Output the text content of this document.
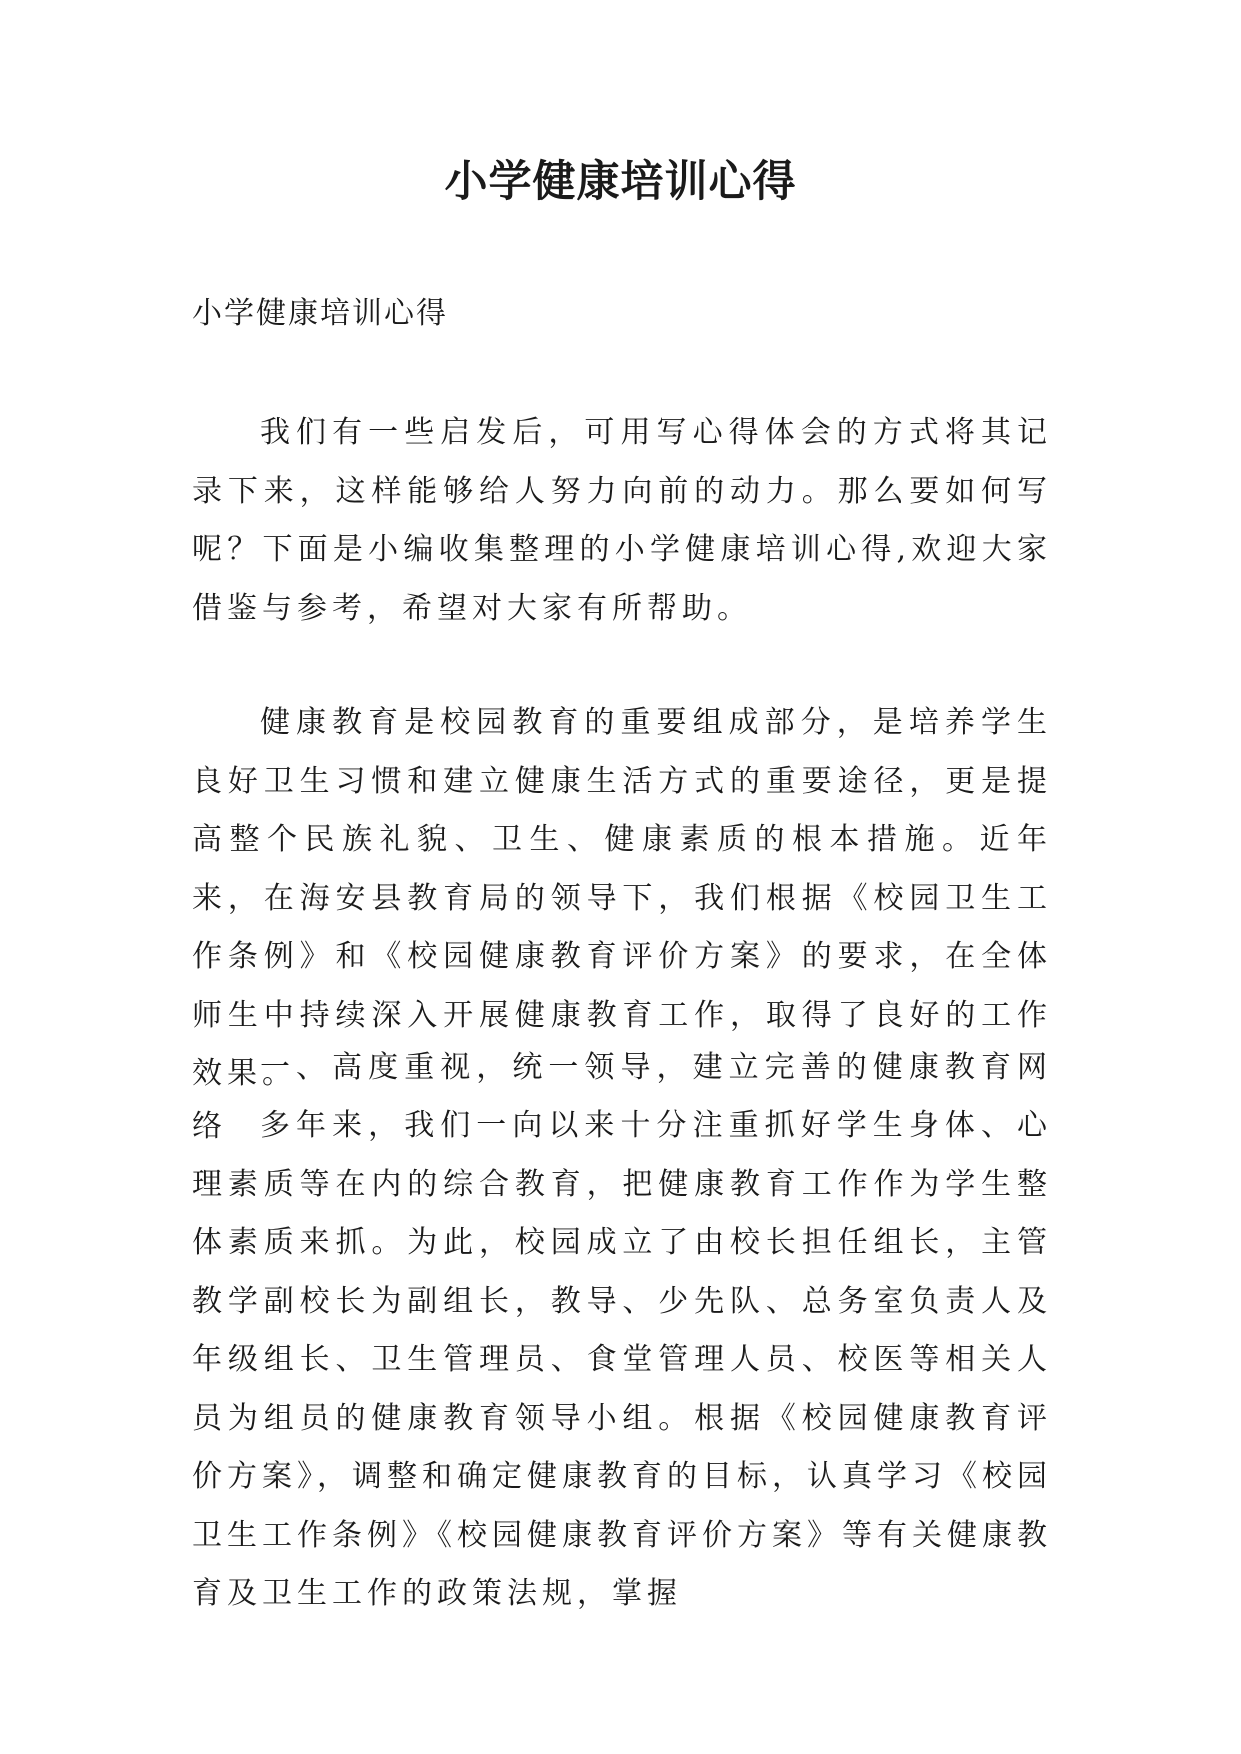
小学健康培训心得

小学健康培训心得

我们有一些启发后，可用写心得体会的方式将其记录下来，这样能够给人努力向前的动力。那么要如何写呢？下面是小编收集整理的小学健康培训心得,欢迎大家借鉴与参考，希望对大家有所帮助。

健康教育是校园教育的重要组成部分，是培养学生良好卫生习惯和建立健康生活方式的重要途径，更是提高整个民族礼貌、卫生、健康素质的根本措施。近年来，在海安县教育局的领导下，我们根据《校园卫生工作条例》和《校园健康教育评价方案》的要求，在全体师生中持续深入开展健康教育工作，取得了良好的工作效果。

一、高度重视，统一领导，建立完善的健康教育网络	多年来，我们一向以来十分注重抓好学生身体、心理素质等在内的综合教育，把健康教育工作作为学生整体素质来抓。为此，校园成立了由校长担任组长，主管教学副校长为副组长，教导、少先队、总务室负责人及年级组长、卫生管理员、食堂管理人员、校医等相关人员为组员的健康教育领导小组。根据《校园健康教育评价方案》，调整和确定健康教育的目标，认真学习《校园卫生工作条例》《校园健康教育评价方案》等有关健康教育及卫生工作的政策法规，掌握
